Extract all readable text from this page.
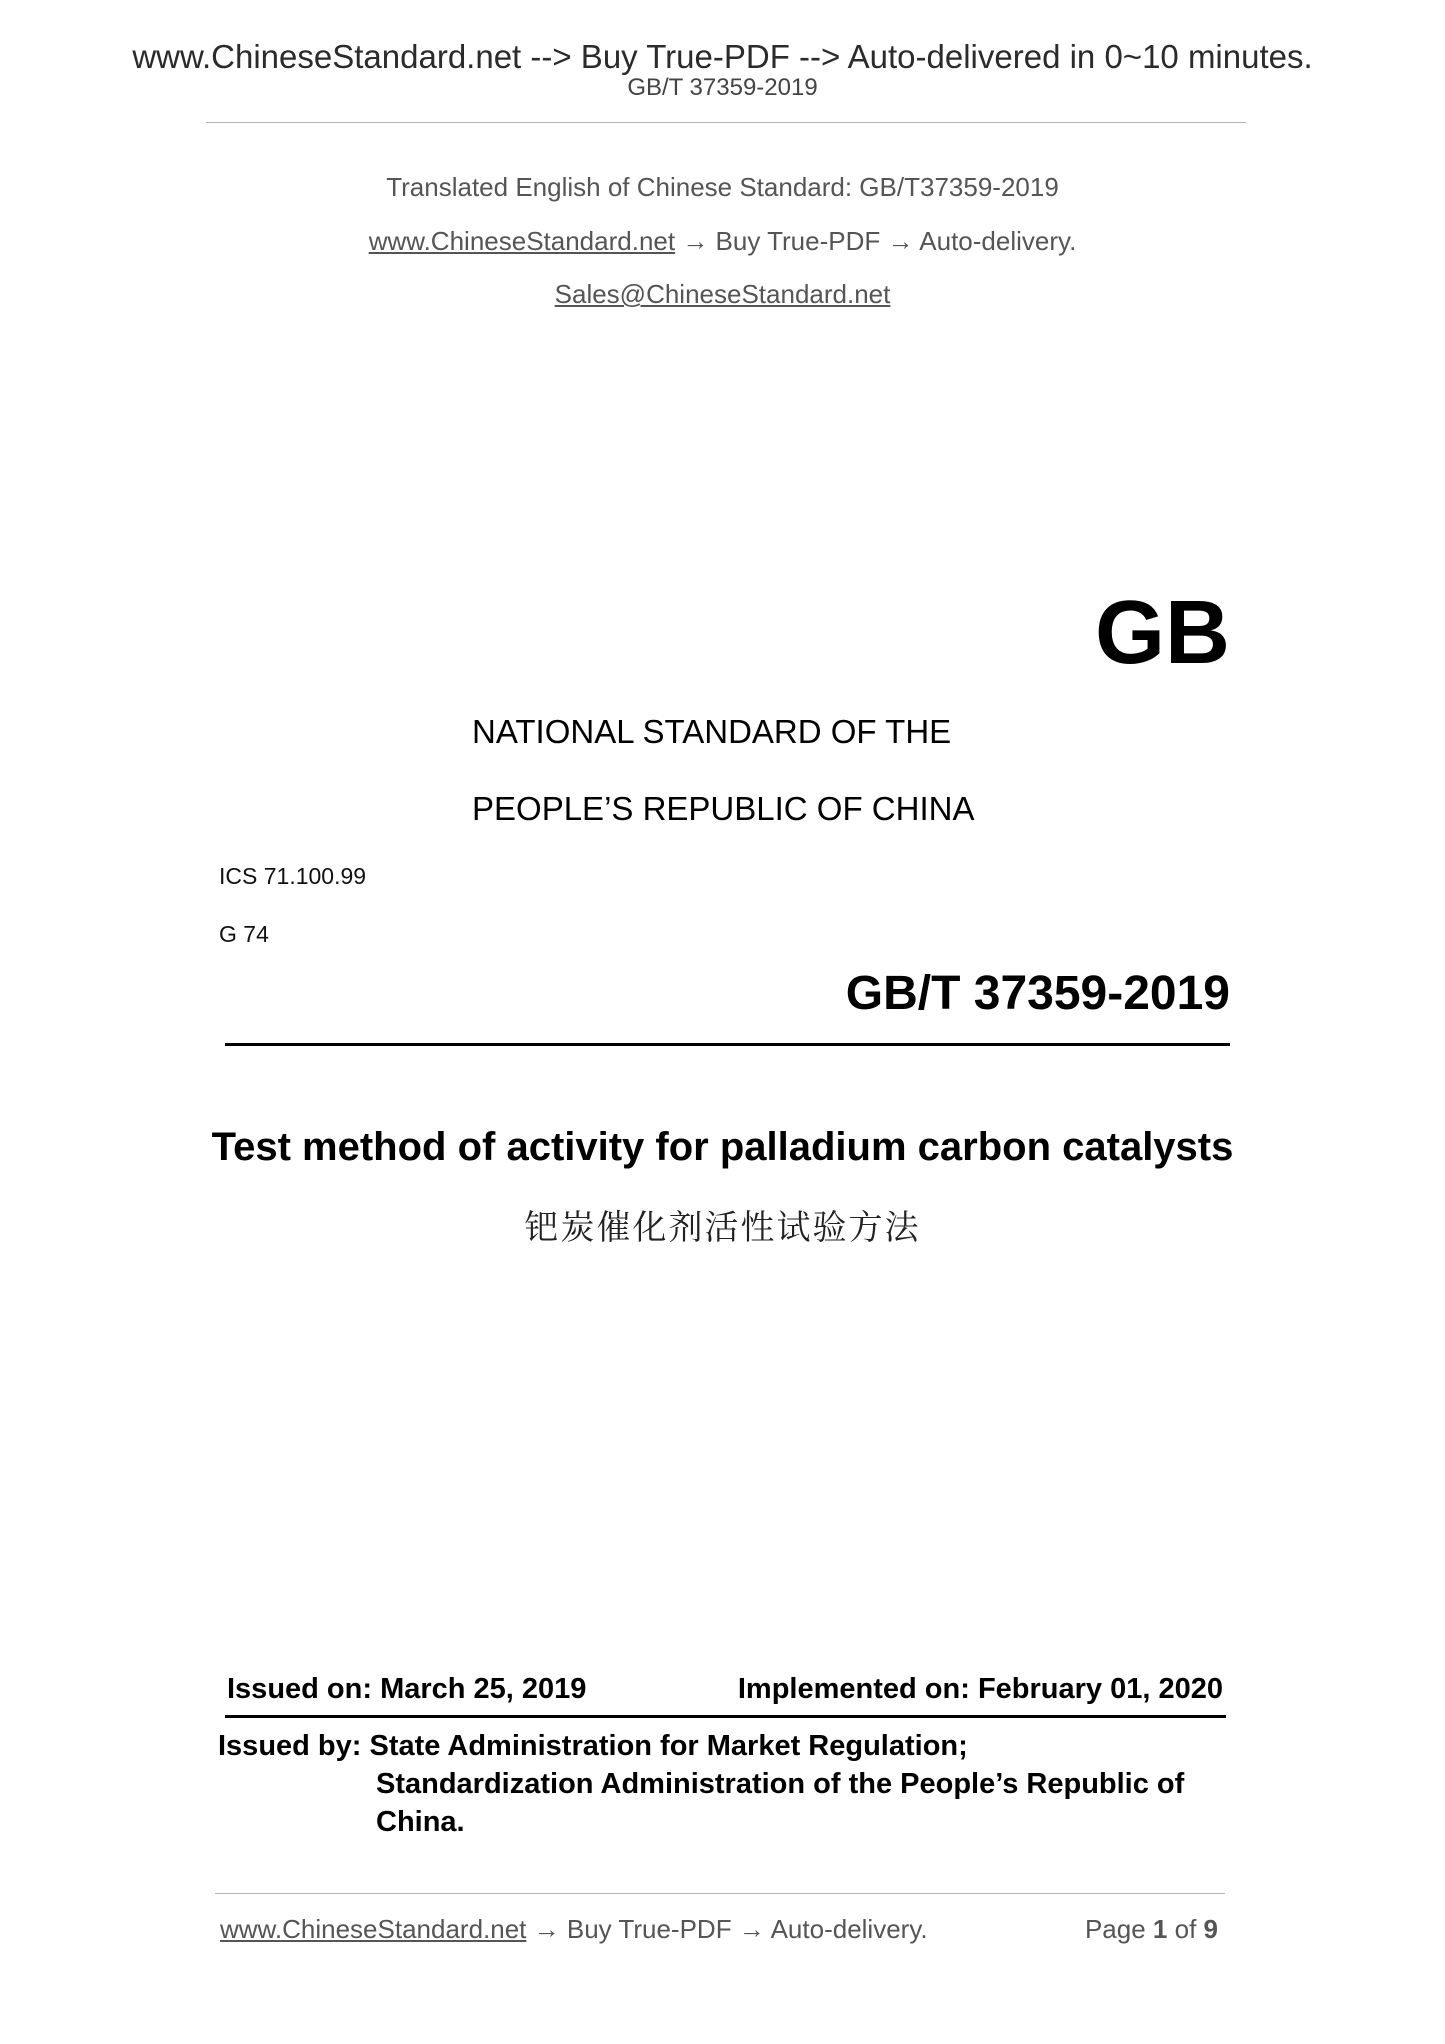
www.ChineseStandard.net --> Buy True-PDF --> Auto-delivered in 0~10 minutes.
GB/T 37359-2019
Translated English of Chinese Standard: GB/T37359-2019
www.ChineseStandard.net → Buy True-PDF → Auto-delivery.
Sales@ChineseStandard.net
GB
NATIONAL STANDARD OF THE
PEOPLE’S REPUBLIC OF CHINA
ICS 71.100.99
G 74
GB/T 37359-2019
Test method of activity for palladium carbon catalysts
钯炭催化剂活性试验方法
Issued on: March 25, 2019	Implemented on: February 01, 2020
Issued by: State Administration for Market Regulation;
Standardization Administration of the People’s Republic of
China.
www.ChineseStandard.net → Buy True-PDF → Auto-delivery.	Page 1 of 9
